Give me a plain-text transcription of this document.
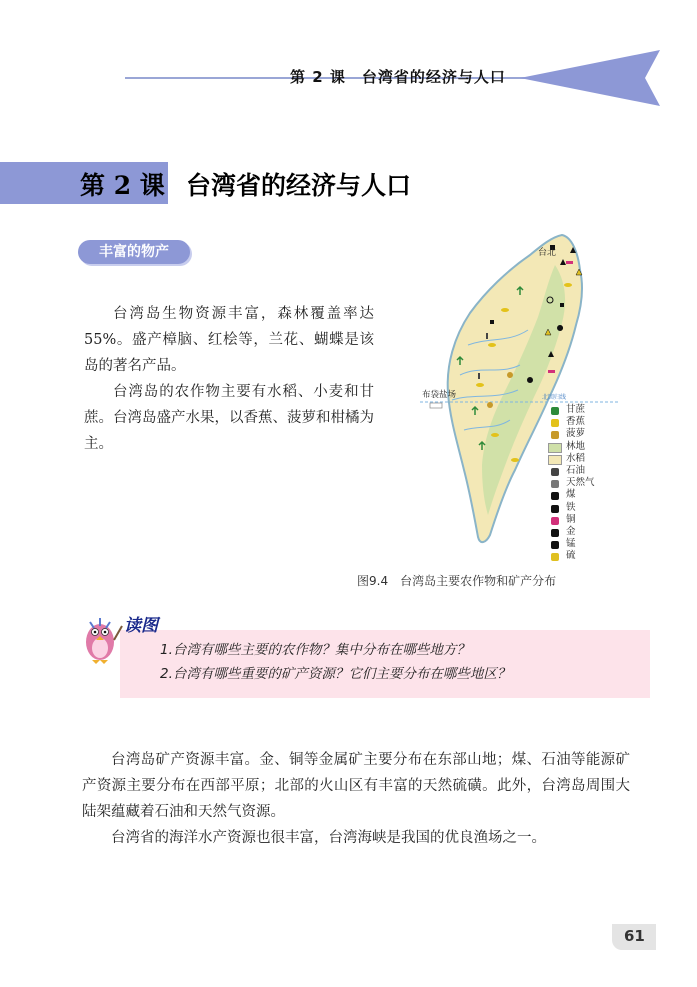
第 2 课　台湾省的经济与人口
第 2 课 台湾省的经济与人口
丰富的物产

台湾岛生物资源丰富，森林覆盖率达55%。盛产樟脑、红桧等，兰花、蝴蝶是该岛的著名产品。

台湾岛的农作物主要有水稻、小麦和甘蔗。台湾岛盛产水果，以香蕉、菠萝和柑橘为主。

北回归线
台北
布袋盐场
甘蔗
香蕉
菠萝
林地
水稻
石油
天然气
煤
铁
铜
金
锰
硫
图9.4　台湾岛主要农作物和矿产分布
读图
1.台湾有哪些主要的农作物？集中分布在哪些地方？
2.台湾有哪些重要的矿产资源？它们主要分布在哪些地区？

台湾岛矿产资源丰富。金、铜等金属矿主要分布在东部山地；煤、石油等能源矿产资源主要分布在西部平原；北部的火山区有丰富的天然硫磺。此外，台湾岛周围大陆架蕴藏着石油和天然气资源。

台湾省的海洋水产资源也很丰富，台湾海峡是我国的优良渔场之一。

61
